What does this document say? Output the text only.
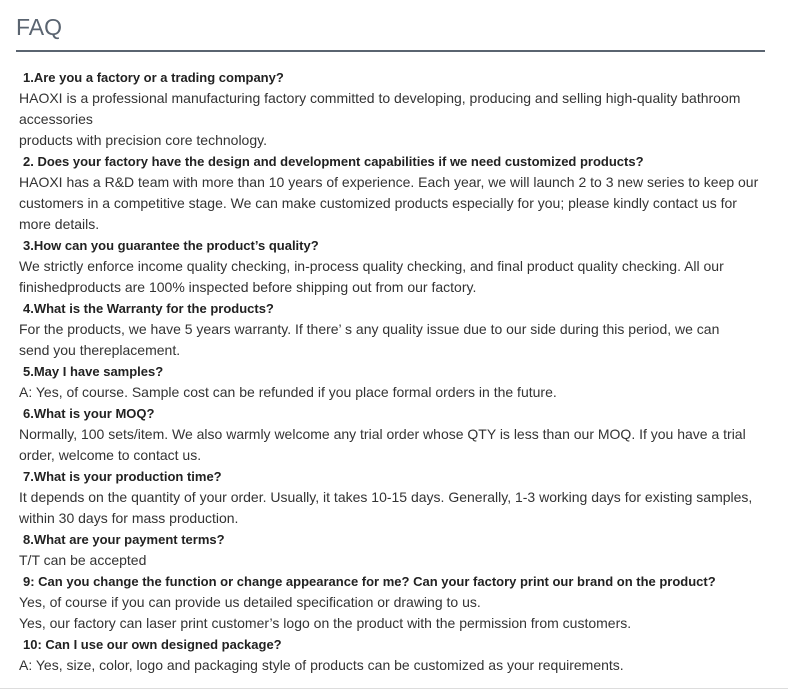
FAQ
1.Are you a factory or a trading company?
HAOXI is a professional manufacturing factory committed to developing, producing and selling high-quality bathroom
accessories
products with precision core technology.
2. Does your factory have the design and development capabilities if we need customized products?
HAOXI has a R&D team with more than 10 years of experience. Each year, we will launch 2 to 3 new series to keep our
customers in a competitive stage. We can make customized products especially for you; please kindly contact us for
more details.
3.How can you guarantee the product’s quality?
We strictly enforce income quality checking, in-process quality checking, and final product quality checking. All our
finishedproducts are 100% inspected before shipping out from our factory.
4.What is the Warranty for the products?
For the products, we have 5 years warranty. If there’ s any quality issue due to our side during this period, we can
send you thereplacement.
5.May I have samples?
A: Yes, of course. Sample cost can be refunded if you place formal orders in the future.
6.What is your MOQ?
Normally, 100 sets/item. We also warmly welcome any trial order whose QTY is less than our MOQ. If you have a trial
order, welcome to contact us.
7.What is your production time?
It depends on the quantity of your order. Usually, it takes 10-15 days. Generally, 1-3 working days for existing samples,
within 30 days for mass production.
8.What are your payment terms?
T/T can be accepted
9: Can you change the function or change appearance for me? Can your factory print our brand on the product?
Yes, of course if you can provide us detailed specification or drawing to us.
Yes, our factory can laser print customer’s logo on the product with the permission from customers.
10: Can I use our own designed package?
A: Yes, size, color, logo and packaging style of products can be customized as your requirements.
